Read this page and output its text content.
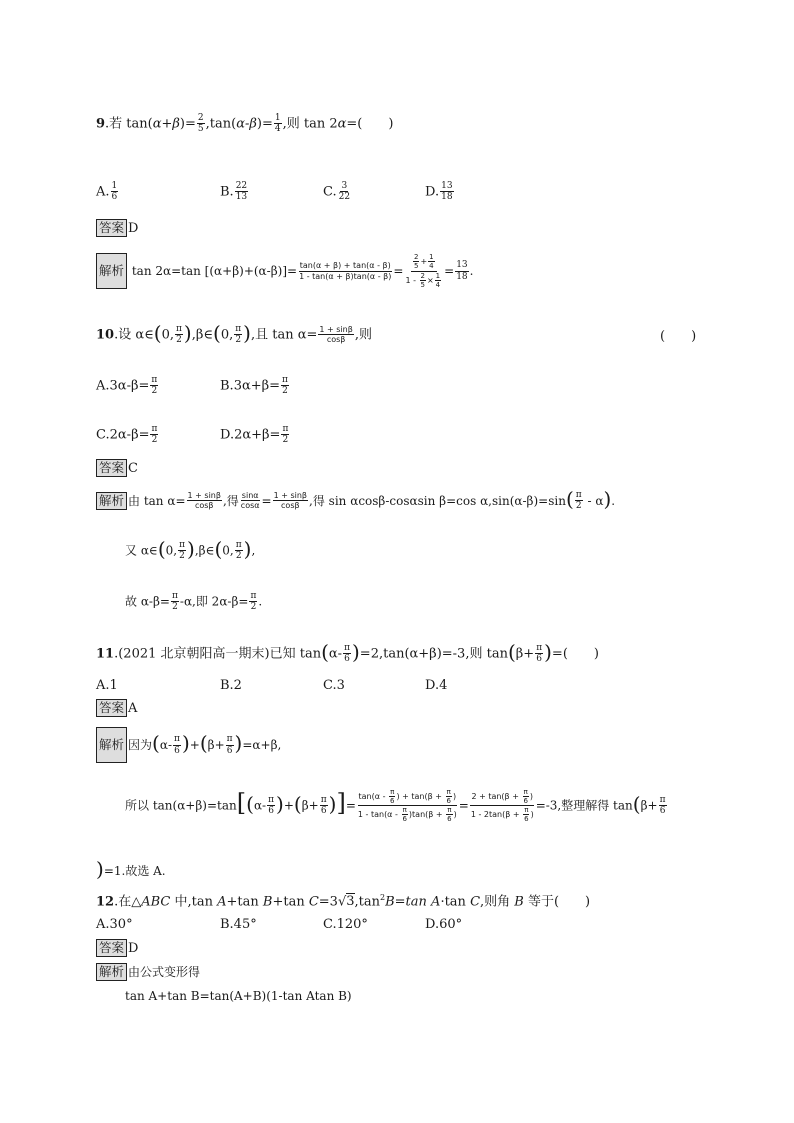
9.若 $\tan(\alpha+\beta)= \frac{2}{5} ,\tan(\alpha-\beta)= \frac{1}{4}$ ,则 tan 2α=(　　)
A. $\frac{1}{6}$	B. $\frac{22}{13}$	C. $\frac{3}{22}$	D. $\frac{13}{18}$
答案 D
解析 tan 2α=tan $[(\alpha+\beta)+(\alpha-\beta)]= \frac{\tan(\alpha + \beta) + \tan(\alpha - \beta)}{1 - \tan(\alpha + \beta)\tan(\alpha - \beta)} = \frac{\frac{2}{5} + \frac{1}{4}}{1 - \frac{2}{5} \times \frac{1}{4}} = \frac{13}{18}$ .
10.设 α∈(0, $\frac{\pi}{2}$ ),β∈(0, $\frac{\pi}{2}$ ),且 $\tan \alpha= \frac{1 + \sin\beta}{\cos\beta}$ ,则	(　　)
$A.3\alpha-\beta= \frac{\pi}{2}$	$B.3\alpha+\beta= \frac{\pi}{2}$
$C.2\alpha-\beta= \frac{\pi}{2}$	$D.2\alpha+\beta= \frac{\pi}{2}$
答案 C
解析 由 $\tan \alpha= \frac{1 + \sin\beta}{\cos\beta}$ ,得 $\frac{\sin\alpha}{\cos\alpha} = \frac{1 + \sin\beta}{\cos\beta}$ ,得 sin αcosβ-cosαsin β=cos $\alpha,\sin(\alpha-\beta)=\sin( \frac{\pi}{2} - \alpha)$.
又 α∈(0, $\frac{\pi}{2}$ ),β∈(0, $\frac{\pi}{2}$ ),
故 $\alpha-\beta= \frac{\pi}{2} -\alpha$,即 $2\alpha-\beta= \frac{\pi}{2}$ .
11.(2021 北京朝阳高一期末)已知 $\tan(\alpha- \frac{\pi}{6} )=2,\tan(\alpha+\beta)=-3$,则 $\tan(\beta+ \frac{\pi}{6}$ )=(　　)
A.1	B.2	C.3	D.4
答案 A
解析 因为$(\alpha- \frac{\pi}{6} )+(\beta+ \frac{\pi}{6} )=\alpha+\beta$,
所以 $\tan(\alpha+\beta)=\tan[(\alpha- \frac{\pi}{6} )+(\beta+ \frac{\pi}{6}$ )]= $\frac{\tan(\alpha - \frac{\pi}{6} ) + \tan(\beta + \frac{\pi}{6} )}{1 - \tan(\alpha - \frac{\pi}{6} )\tan(\beta + \frac{\pi}{6} )} = \frac{2 + \tan(\beta + \frac{\pi}{6} )}{1 - 2\tan(\beta + \frac{\pi}{6} )} =-3$,整理解得 $\tan(\beta+ \frac{\pi}{6}$
)=1.故选 A.
12.在△ABC 中,tan A+tan B+tan $C=3√3,\tan^2B=\tan$ A·tan C,则角 B 等于(　　)
A.30°	B.45°	C.120°	D.60°
答案 D
解析 由公式变形得
tan A+tan B=tan(A+B)(1-tan Atan B)
